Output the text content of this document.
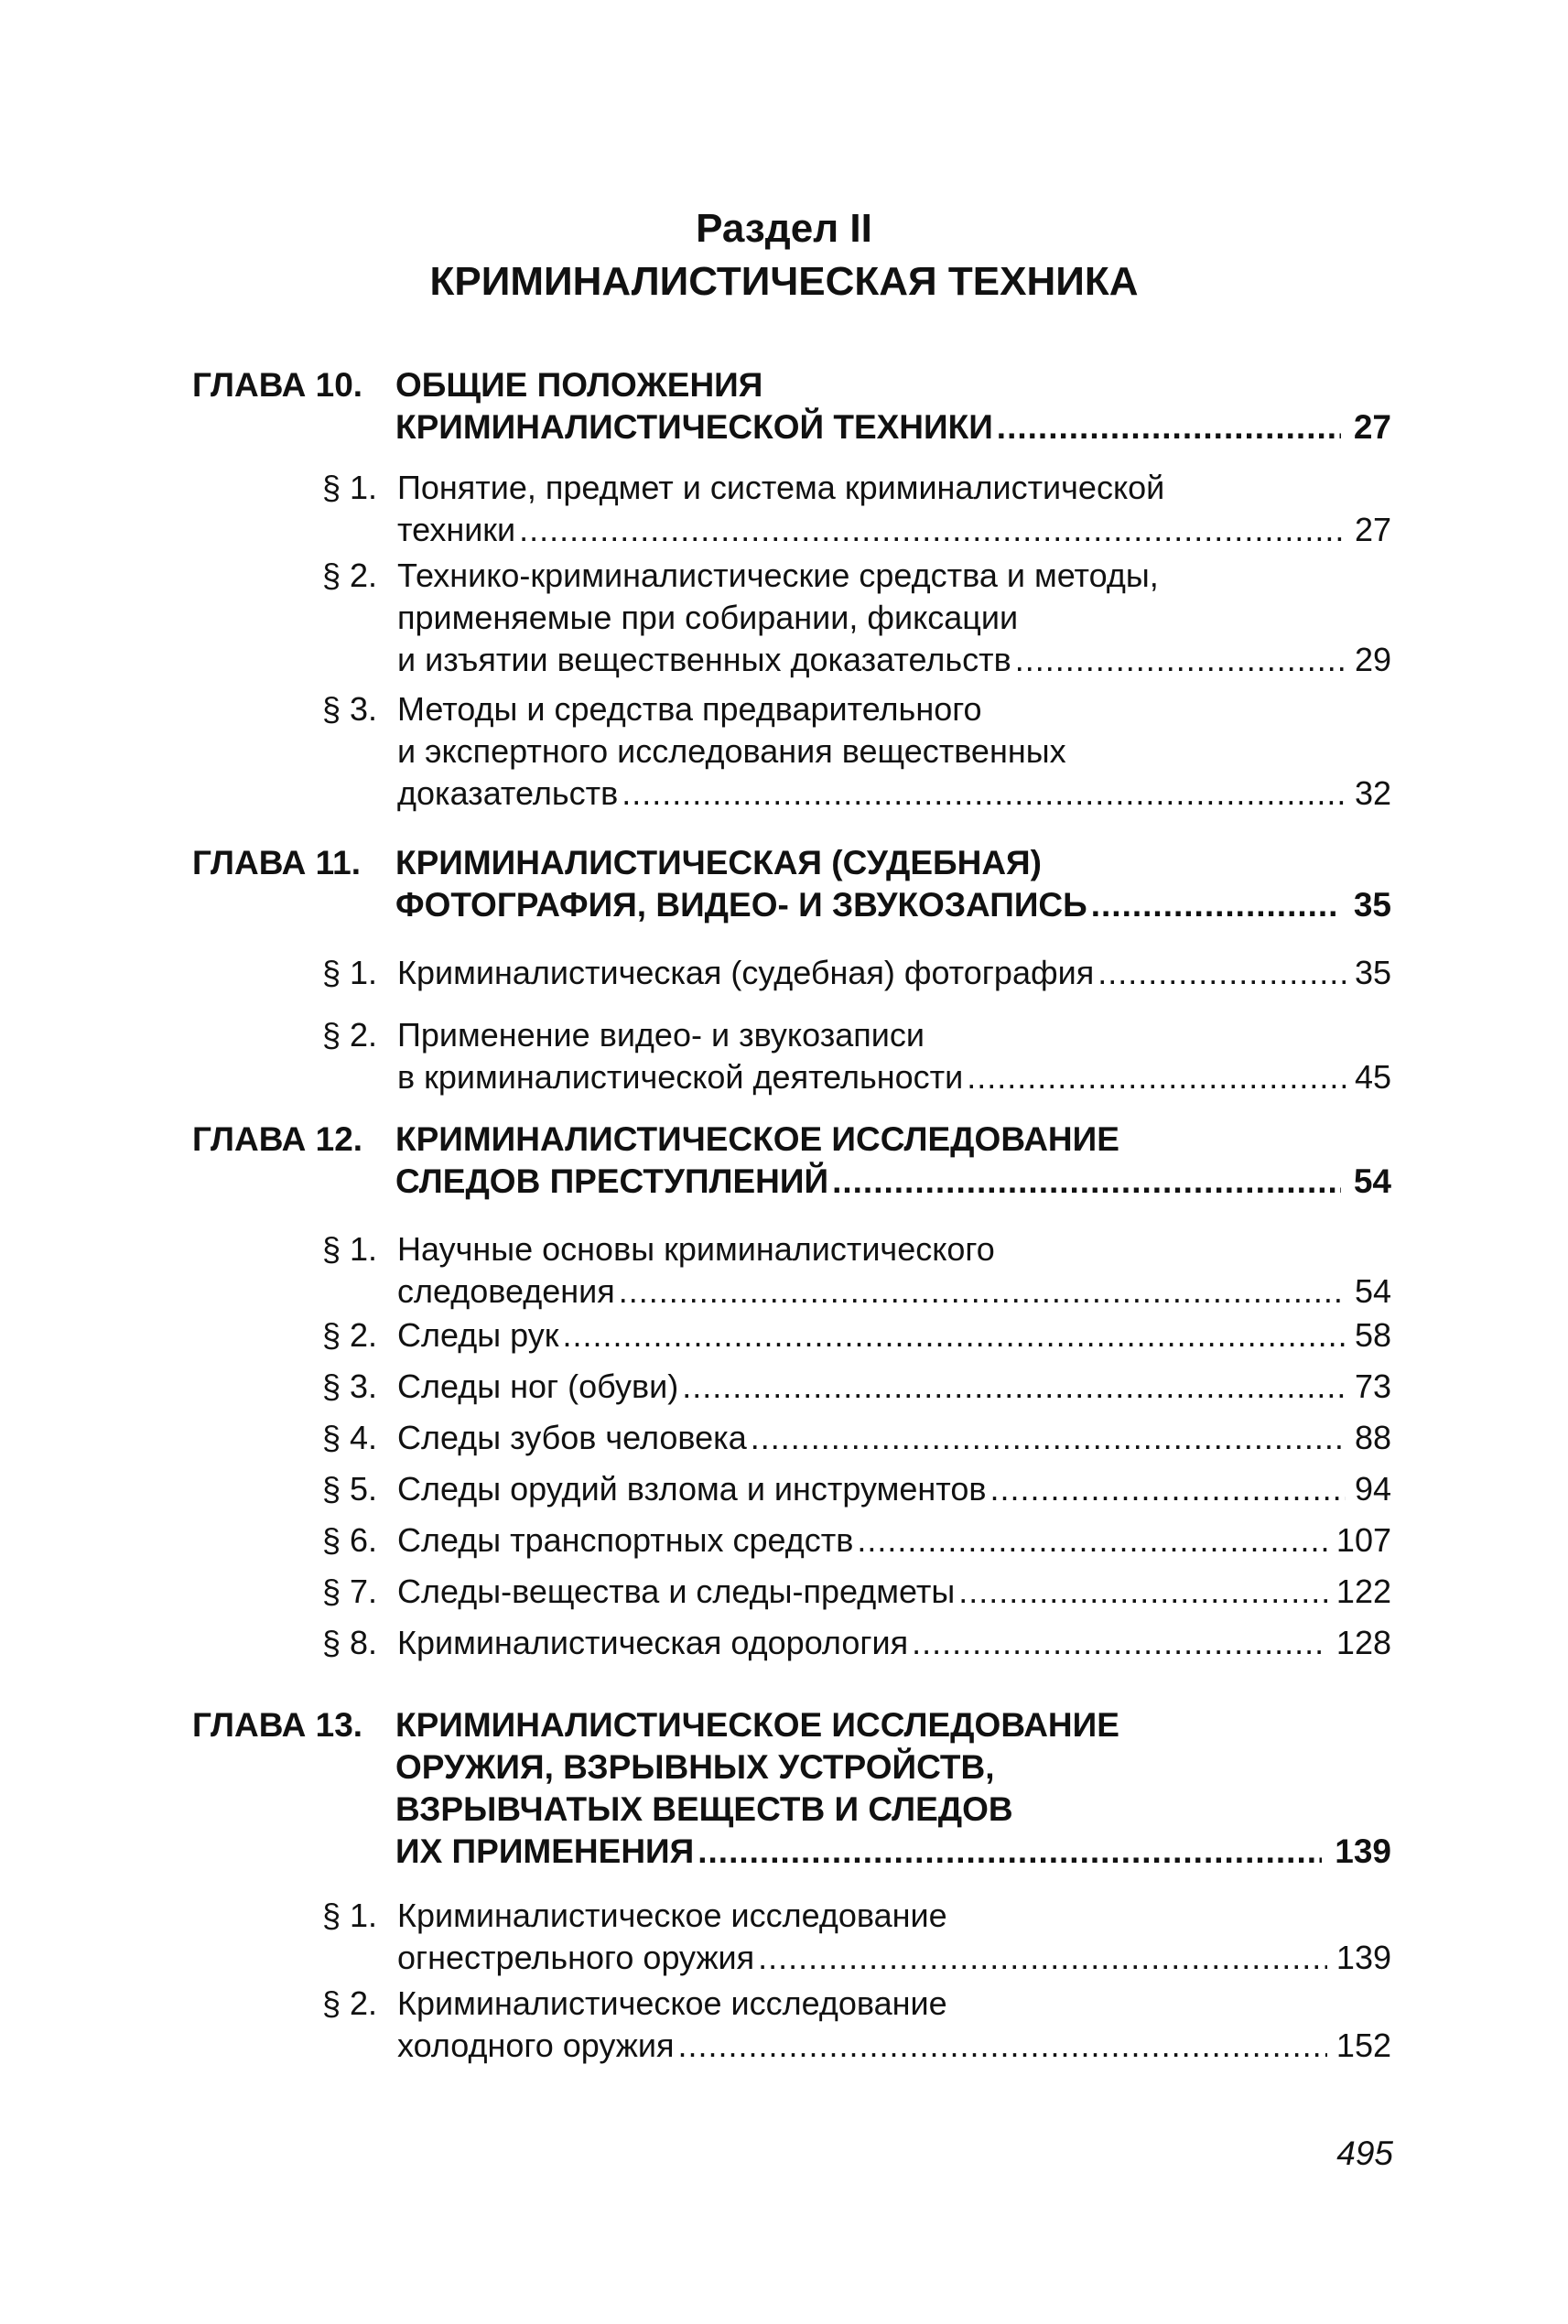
Раздел II
КРИМИНАЛИСТИЧЕСКАЯ ТЕХНИКА
ГЛАВА 10. ОБЩИЕ ПОЛОЖЕНИЯ
КРИМИНАЛИСТИЧЕСКОЙ ТЕХНИКИ .....	27
§ 1. Понятие, предмет и система криминалистической
техники .....	27
§ 2. Технико-криминалистические средства и методы,
применяемые при собирании, фиксации
и изъятии вещественных доказательств .....	29
§ 3. Методы и средства предварительного
и экспертного исследования вещественных
доказательств .....	32
ГЛАВА 11. КРИМИНАЛИСТИЧЕСКАЯ (СУДЕБНАЯ)
ФОТОГРАФИЯ, ВИДЕО- И ЗВУКОЗАПИСЬ .....	35
§ 1. Криминалистическая (судебная) фотография .....	35
§ 2. Применение видео- и звукозаписи
в криминалистической деятельности .....	45
ГЛАВА 12. КРИМИНАЛИСТИЧЕСКОЕ ИССЛЕДОВАНИЕ
СЛЕДОВ ПРЕСТУПЛЕНИЙ .....	54
§ 1. Научные основы криминалистического
следоведения .....	54
§ 2. Следы рук .....	58
§ 3. Следы ног (обуви) .....	73
§ 4. Следы зубов человека .....	88
§ 5. Следы орудий взлома и инструментов .....	94
§ 6. Следы транспортных средств .....	107
§ 7. Следы-вещества и следы-предметы .....	122
§ 8. Криминалистическая одорология .....	128
ГЛАВА 13. КРИМИНАЛИСТИЧЕСКОЕ ИССЛЕДОВАНИЕ
ОРУЖИЯ, ВЗРЫВНЫХ УСТРОЙСТВ,
ВЗРЫВЧАТЫХ ВЕЩЕСТВ И СЛЕДОВ
ИХ ПРИМЕНЕНИЯ .....	139
§ 1. Криминалистическое исследование
огнестрельного оружия .....	139
§ 2. Криминалистическое исследование
холодного оружия .....	152
495
